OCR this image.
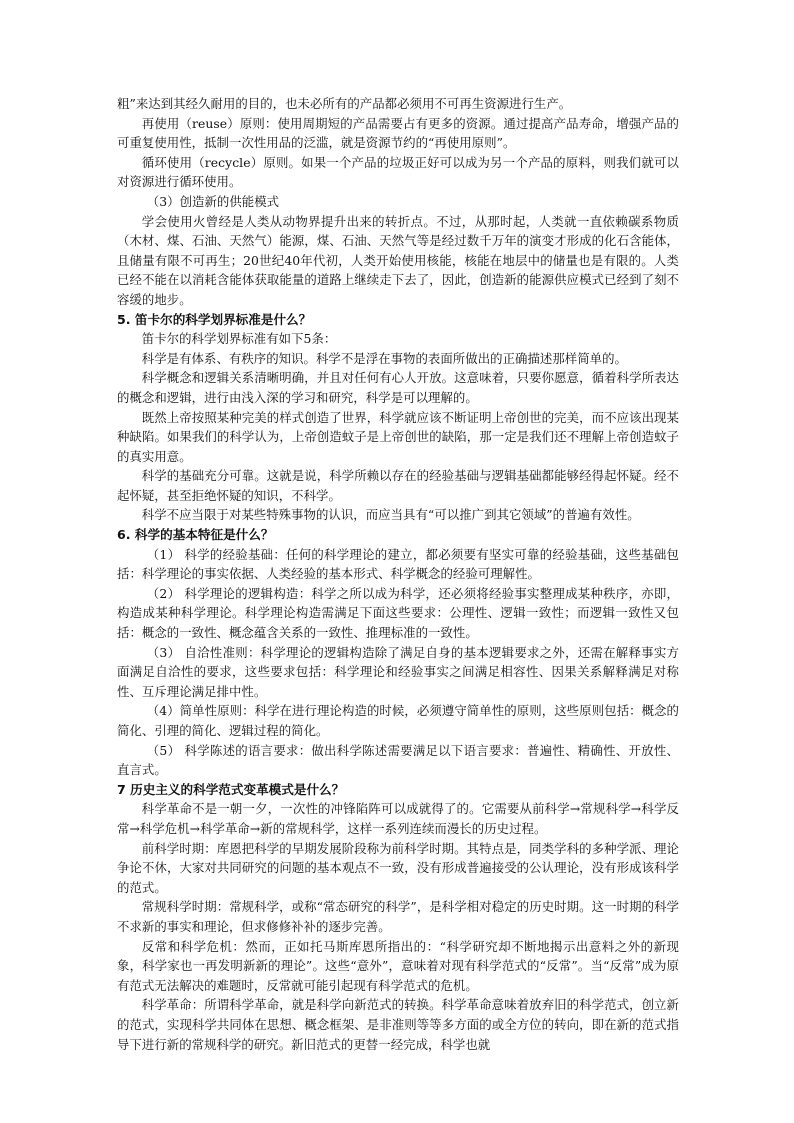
粗”来达到其经久耐用的目的，也未必所有的产品都必须用不可再生资源进行生产。

再使用（reuse）原则：使用周期短的产品需要占有更多的资源。通过提高产品寿命，增强产品的可重复使用性，抵制一次性用品的泛滥，就是资源节约的“再使用原则”。

循环使用（recycle）原则。如果一个产品的垃圾正好可以成为另一个产品的原料，则我们就可以对资源进行循环使用。

（3）创造新的供能模式

学会使用火曾经是人类从动物界提升出来的转折点。不过，从那时起，人类就一直依赖碳系物质（木材、煤、石油、天然气）能源，煤、石油、天然气等是经过数千万年的演变才形成的化石含能体，且储量有限不可再生；20世纪40年代初，人类开始使用核能，核能在地层中的储量也是有限的。人类已经不能在以消耗含能体获取能量的道路上继续走下去了，因此，创造新的能源供应模式已经到了刻不容缓的地步。

5. 笛卡尔的科学划界标准是什么？

笛卡尔的科学划界标准有如下5条：

科学是有体系、有秩序的知识。科学不是浮在事物的表面所做出的正确描述那样简单的。

科学概念和逻辑关系清晰明确，并且对任何有心人开放。这意味着，只要你愿意，循着科学所表达的概念和逻辑，进行由浅入深的学习和研究，科学是可以理解的。

既然上帝按照某种完美的样式创造了世界，科学就应该不断证明上帝创世的完美，而不应该出现某种缺陷。如果我们的科学认为，上帝创造蚊子是上帝创世的缺陷，那一定是我们还不理解上帝创造蚊子的真实用意。

科学的基础充分可靠。这就是说，科学所赖以存在的经验基础与逻辑基础都能够经得起怀疑。经不起怀疑，甚至拒绝怀疑的知识，不科学。

科学不应当限于对某些特殊事物的认识，而应当具有“可以推广到其它领域”的普遍有效性。

6. 科学的基本特征是什么？

（1） 科学的经验基础：任何的科学理论的建立，都必须要有坚实可靠的经验基础，这些基础包括：科学理论的事实依据、人类经验的基本形式、科学概念的经验可理解性。

（2） 科学理论的逻辑构造：科学之所以成为科学，还必须将经验事实整理成某种秩序，亦即，构造成某种科学理论。科学理论构造需满足下面这些要求：公理性、逻辑一致性；而逻辑一致性又包括：概念的一致性、概念蕴含关系的一致性、推理标准的一致性。

（3） 自洽性准则：科学理论的逻辑构造除了满足自身的基本逻辑要求之外，还需在解释事实方面满足自洽性的要求，这些要求包括：科学理论和经验事实之间满足相容性、因果关系解释满足对称性、互斥理论满足排中性。

（4）简单性原则：科学在进行理论构造的时候，必须遵守简单性的原则，这些原则包括：概念的简化、引理的简化、逻辑过程的简化。

（5） 科学陈述的语言要求：做出科学陈述需要满足以下语言要求：普遍性、精确性、开放性、直言式。

7 历史主义的科学范式变革模式是什么？

科学革命不是一朝一夕，一次性的冲锋陷阵可以成就得了的。它需要从前科学→常规科学→科学反常→科学危机→科学革命→新的常规科学，这样一系列连续而漫长的历史过程。

前科学时期：库恩把科学的早期发展阶段称为前科学时期。其特点是，同类学科的多种学派、理论争论不休，大家对共同研究的问题的基本观点不一致，没有形成普遍接受的公认理论，没有形成该科学的范式。

常规科学时期：常规科学，或称“常态研究的科学”，是科学相对稳定的历史时期。这一时期的科学不求新的事实和理论，但求修修补补的逐步完善。

反常和科学危机：然而，正如托马斯库恩所指出的：“科学研究却不断地揭示出意料之外的新现象，科学家也一再发明新新的理论”。这些“意外”，意味着对现有科学范式的“反常”。当“反常”成为原有范式无法解决的难题时，反常就可能引起现有科学范式的危机。

科学革命：所谓科学革命，就是科学向新范式的转换。科学革命意味着放弃旧的科学范式，创立新的范式，实现科学共同体在思想、概念框架、是非准则等等多方面的或全方位的转向，即在新的范式指导下进行新的常规科学的研究。新旧范式的更替一经完成，科学也就
